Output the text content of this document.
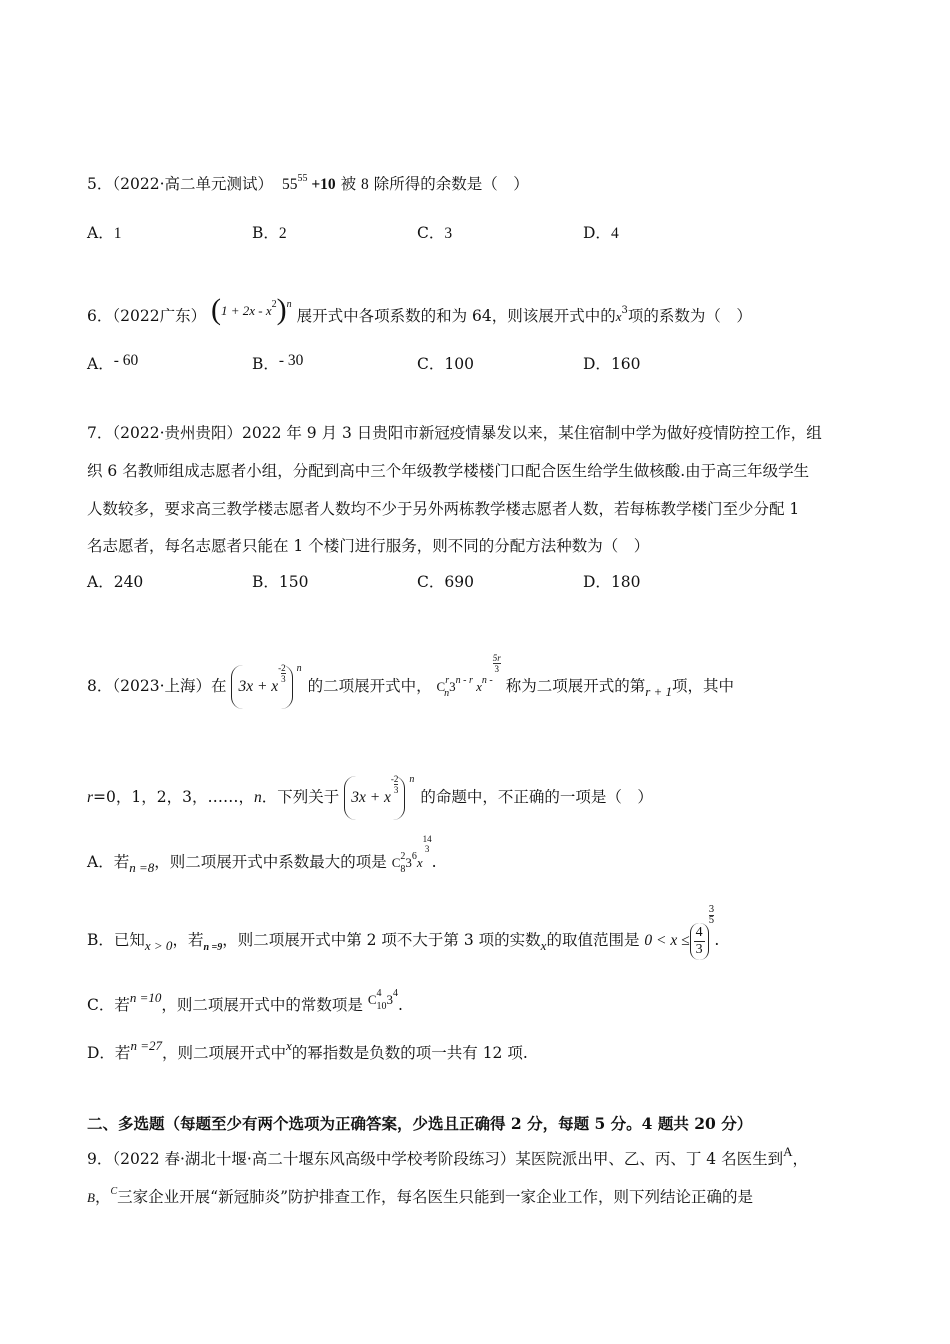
5．（2022·高二单元测试） $55^{55} +10$ 被 8 除所得的余数是（　）
A．1	B．2	C．3	D．4
6．（2022广东） $^{(1 + 2x - x^2)^n}$ 展开式中各项系数的和为 64，则该展开式中的$x^3$项的系数为（　）
A．- 60	B．- 30	C．100	D．160
7．（2022·贵州贵阳）2022 年 9 月 3 日贵阳市新冠疫情暴发以来，某住宿制中学为做好疫情防控工作，组
织 6 名教师组成志愿者小组，分配到高中三个年级教学楼楼门口配合医生给学生做核酸.由于高三年级学生
人数较多，要求高三教学楼志愿者人数均不少于另外两栋教学楼志愿者人数，若每栋教学楼门至少分配 1
名志愿者，每名志愿者只能在 1 个楼门进行服务，则不同的分配方法种数为（　）
A．240	B．150	C．690	D．180
8．（2023·上海）在 3x + x
- $\frac{2}{3}$ n
的二项展开式中， $C^r_n3^{n - r}$ $x^{n -}$
$\frac{5r}{3}$
称为二项展开式的第$_{r + 1}$项，其中
r=0，1，2，3，……，n．下列关于 3x + x
- $\frac{2}{3}$ n
的命题中，不正确的一项是（　）
A．若$_{n =8}$，则二项展开式中系数最大的项是 $C^2_83^6x$
14
3
.
B．已知$_{x > 0}$，若$_{n =9}$，则二项展开式中第 2 项不大于第 3 项的实数$_x$的取值范围是 $0 < x \le \frac{4}{3}$
$\frac{3}{5}$
.
C．若$^{n =10}$，则二项展开式中的常数项是 $^{C^4_{10}3^4}$.
D．若$^{n =27}$，则二项展开式中$^x$的幂指数是负数的项一共有 12 项.
二、多选题（每题至少有两个选项为正确答案，少选且正确得 2 分，每题 5 分。4 题共 20 分）
9．（2022 春·湖北十堰·高二十堰东风高级中学校考阶段练习）某医院派出甲、乙、丙、丁 4 名医生到$^A$，
B，$^C$三家企业开展“新冠肺炎”防护排查工作，每名医生只能到一家企业工作，则下列结论正确的是
